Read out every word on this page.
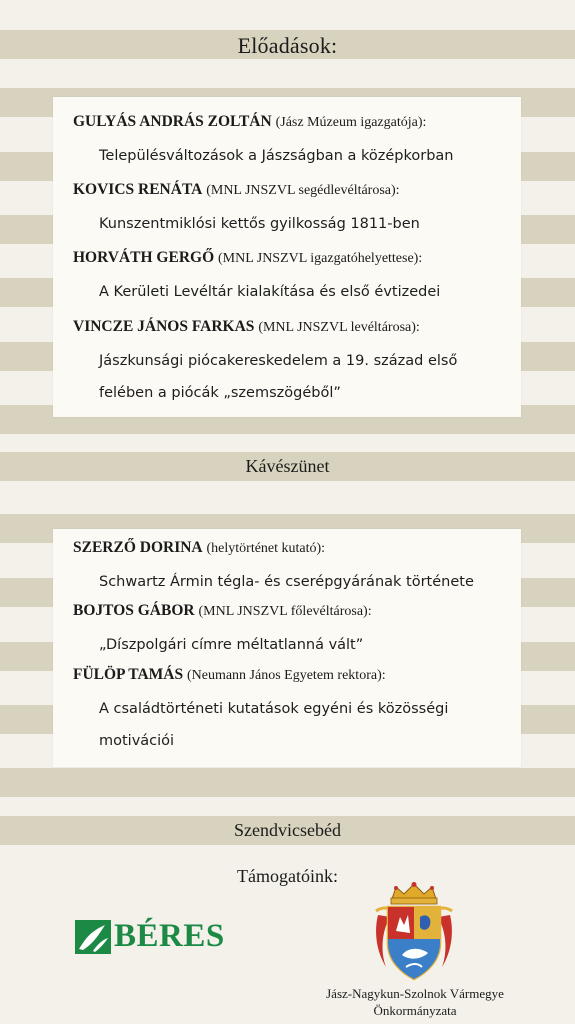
Előadások:
GULYÁS ANDRÁS ZOLTÁN (Jász Múzeum igazgatója):
Településváltozások a Jászságban a középkorban
KOVICS RENÁTA (MNL JNSZVL segédlevéltárosa):
Kunszentmiklósi kettős gyilkosság 1811-ben
HORVÁTH GERGŐ (MNL JNSZVL igazgatóhelyettese):
A Kerületi Levéltár kialakítása és első évtizedei
VINCZE JÁNOS FARKAS (MNL JNSZVL levéltárosa):
Jászkunsági piócakereskedelem a 19. század első felében a piócák „szemszögéből”
Kávészünet
SZERZŐ DORINA (helytörténet kutató):
Schwartz Ármin tégla- és cserépgyárának története
BOJTOS GÁBOR (MNL JNSZVL főlevéltárosa):
„Díszpolgári címre méltatlanná vált”
FÜLÖP TAMÁS (Neumann János Egyetem rektora):
A családtörténeti kutatások egyéni és közösségi motivációi
Szendvicsebéd
Támogatóink:
BÉRES
Jász-Nagykun-Szolnok Vármegye
Önkormányzata
